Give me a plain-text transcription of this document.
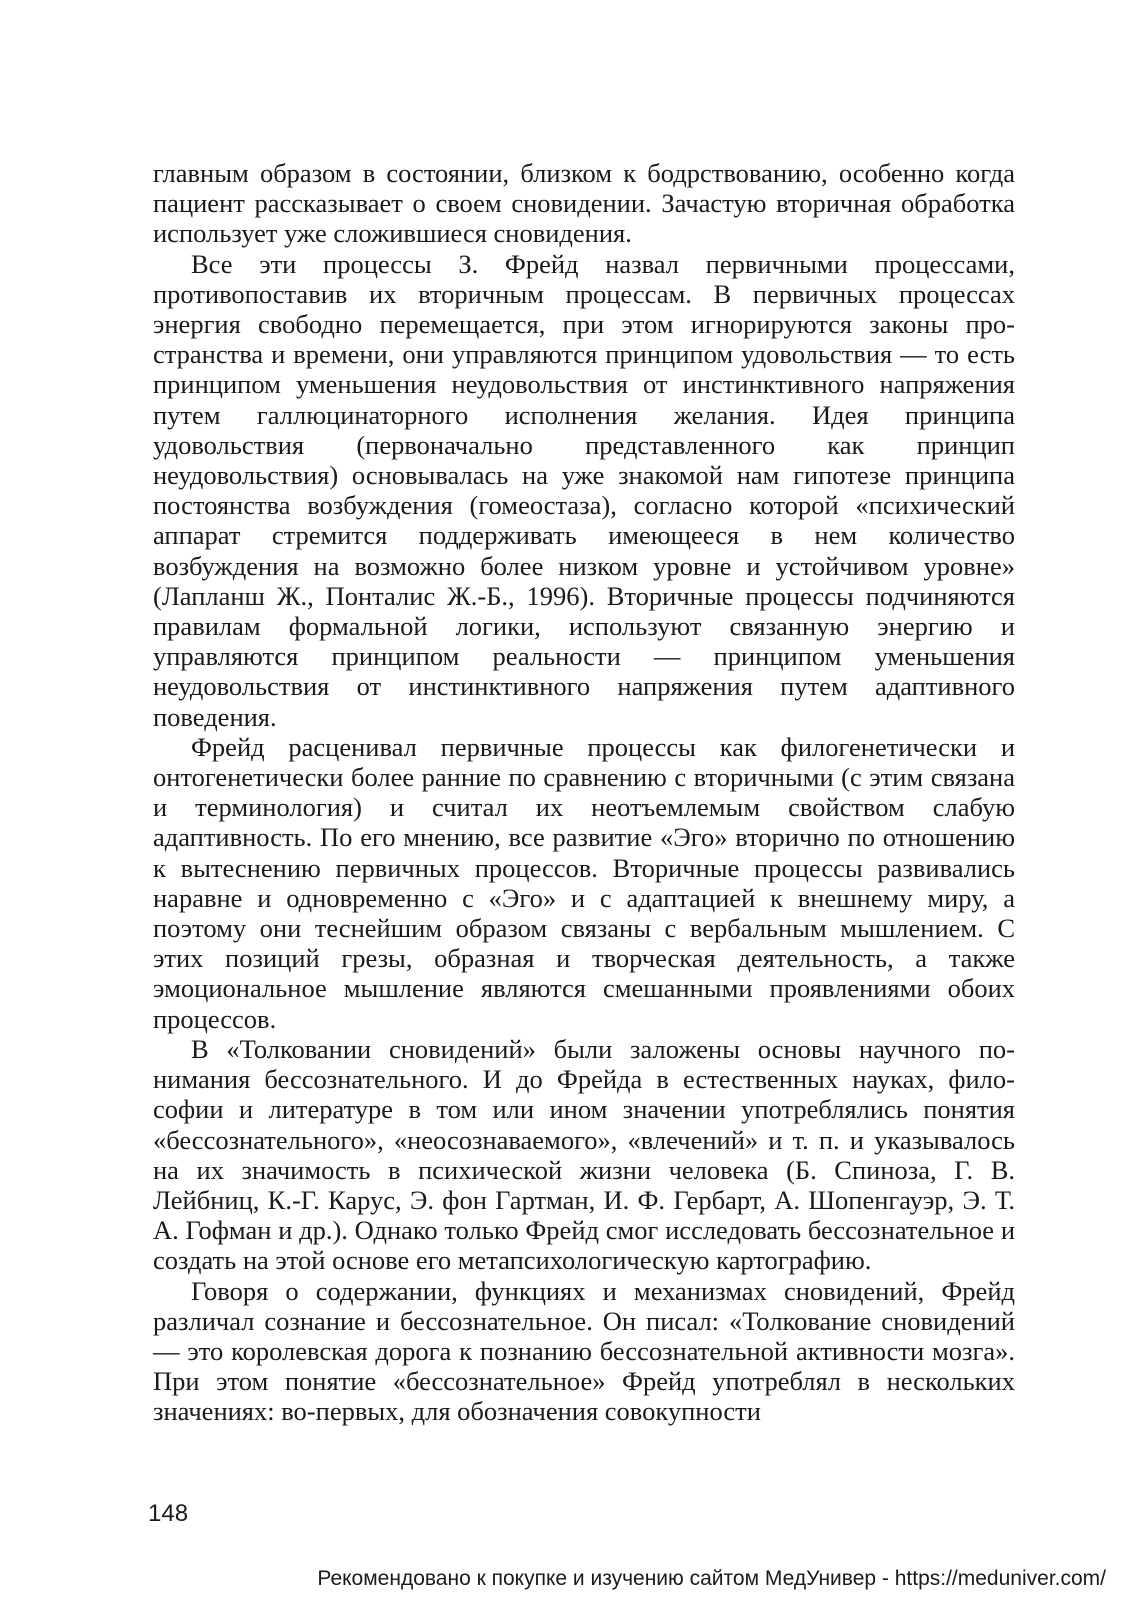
главным образом в состоянии, близком к бодрствованию, особенно когда пациент рассказывает о своем сновидении. Зачастую вторичная обработка использует уже сложившиеся сновидения.

Все эти процессы З. Фрейд назвал первичными процессами, противопоставив их вторичным процессам. В первичных процессах энергия свободно перемещается, при этом игнорируются законы пространства и времени, они управляются принципом удовольствия — то есть принципом уменьшения неудовольствия от инстинктивного напряжения путем галлюцинаторного исполнения желания. Идея принципа удовольствия (первоначально представленного как принцип неудовольствия) основывалась на уже знакомой нам гипотезе принципа постоянства возбуждения (гомеостаза), согласно которой «психический аппарат стремится поддерживать имеющееся в нем количество возбуждения на возможно более низком уровне и устойчивом уровне» (Лапланш Ж., Понталис Ж.-Б., 1996). Вторичные процессы подчиняются правилам формальной логики, используют связанную энергию и управляются принципом реальности — принципом уменьшения неудовольствия от инстинктивного напряжения путем адаптивного поведения.

Фрейд расценивал первичные процессы как филогенетически и онтогенетически более ранние по сравнению с вторичными (с этим связана и терминология) и считал их неотъемлемым свойством слабую адаптивность. По его мнению, все развитие «Эго» вторично по отношению к вытеснению первичных процессов. Вторичные процессы развивались наравне и одновременно с «Эго» и с адаптацией к внешнему миру, а поэтому они теснейшим образом связаны с вербальным мышлением. С этих позиций грезы, образная и творческая деятельность, а также эмоциональное мышление являются смешанными проявлениями обоих процессов.

В «Толковании сновидений» были заложены основы научного понимания бессознательного. И до Фрейда в естественных науках, философии и литературе в том или ином значении употреблялись понятия «бессознательного», «неосознаваемого», «влечений» и т. п. и указывалось на их значимость в психической жизни человека (Б. Спиноза, Г. В. Лейбниц, К.-Г. Карус, Э. фон Гартман, И. Ф. Гербарт, А. Шопенгауэр, Э. Т. А. Гофман и др.). Однако только Фрейд смог исследовать бессознательное и создать на этой основе его метапсихологическую картографию.

Говоря о содержании, функциях и механизмах сновидений, Фрейд различал сознание и бессознательное. Он писал: «Толкование сновидений — это королевская дорога к познанию бессознательной активности мозга». При этом понятие «бессознательное» Фрейд употреблял в нескольких значениях: во-первых, для обозначения совокупности

148
Рекомендовано к покупке и изучению сайтом МедУнивер - https://meduniver.com/
